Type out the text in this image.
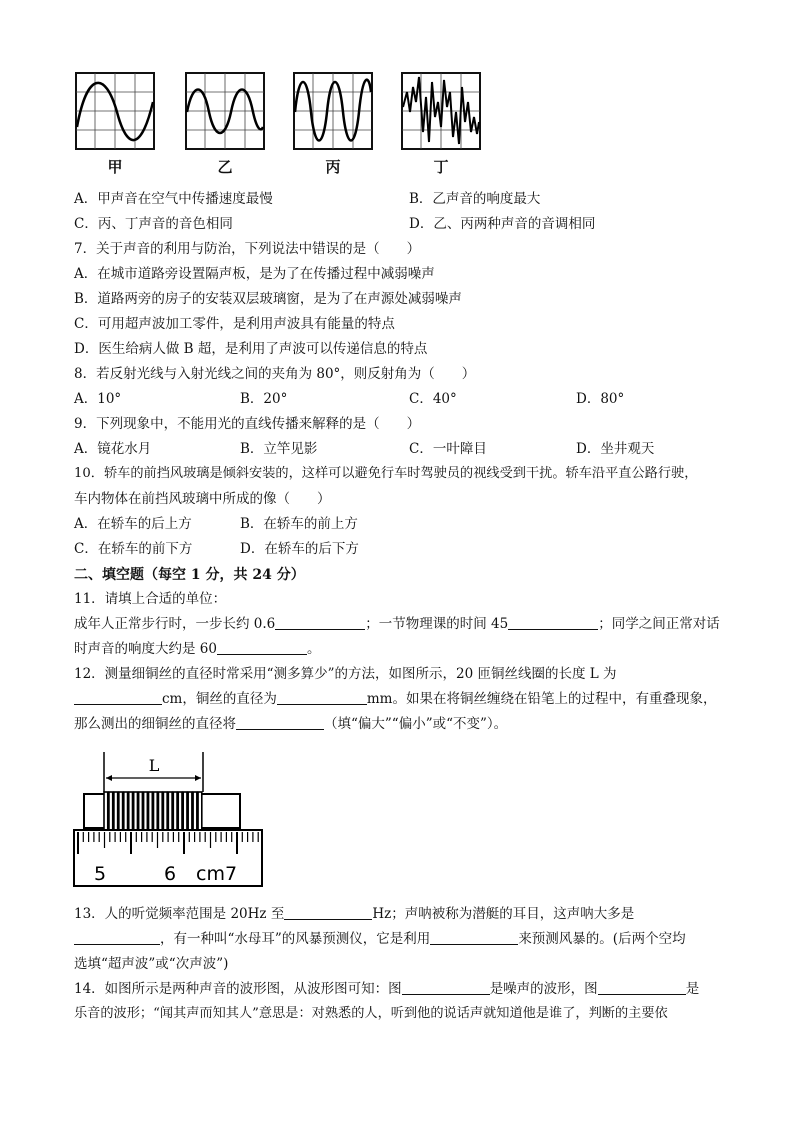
甲	乙	丙	丁
A．甲声音在空气中传播速度最慢	B．乙声音的响度最大
C．丙、丁声音的音色相同	D．乙、丙两种声音的音调相同
7．关于声音的利用与防治，下列说法中错误的是（　　）
A．在城市道路旁设置隔声板，是为了在传播过程中减弱噪声
B．道路两旁的房子的安装双层玻璃窗，是为了在声源处减弱噪声
C．可用超声波加工零件，是利用声波具有能量的特点
D．医生给病人做 B 超，是利用了声波可以传递信息的特点
8．若反射光线与入射光线之间的夹角为 80°，则反射角为（　　）
A．10°	B．20°	C．40°	D．80°
9．下列现象中，不能用光的直线传播来解释的是（　　）
A．镜花水月	B．立竿见影	C．一叶障目	D．坐井观天
10．轿车的前挡风玻璃是倾斜安装的，这样可以避免行车时驾驶员的视线受到干扰。轿车沿平直公路行驶，
车内物体在前挡风玻璃中所成的像（　　）
A．在轿车的后上方	B．在轿车的前上方
C．在轿车的前下方	D．在轿车的后下方
二、填空题（每空 1 分，共 24 分）
11．请填上合适的单位：
成年人正常步行时，一步长约 0.6	；一节物理课的时间 45	；同学之间正常对话
时声音的响度大约是 60	。
12．测量细铜丝的直径时常采用“测多算少”的方法，如图所示，20 匝铜丝线圈的长度 L 为
cm，铜丝的直径为	mm。如果在将铜丝缠绕在铅笔上的过程中，有重叠现象，
那么测出的细铜丝的直径将	（填“偏大”“偏小”或“不变”）。
L
5	6 cm7
13．人的听觉频率范围是 20Hz 至	Hz；声呐被称为潜艇的耳目，这声呐大多是
，有一种叫“水母耳”的风暴预测仪，它是利用	来预测风暴的。(后两个空均
选填“超声波”或“次声波”)
14．如图所示是两种声音的波形图，从波形图可知：图	是噪声的波形，图	是
乐音的波形；“闻其声而知其人”意思是：对熟悉的人，听到他的说话声就知道他是谁了，判断的主要依
